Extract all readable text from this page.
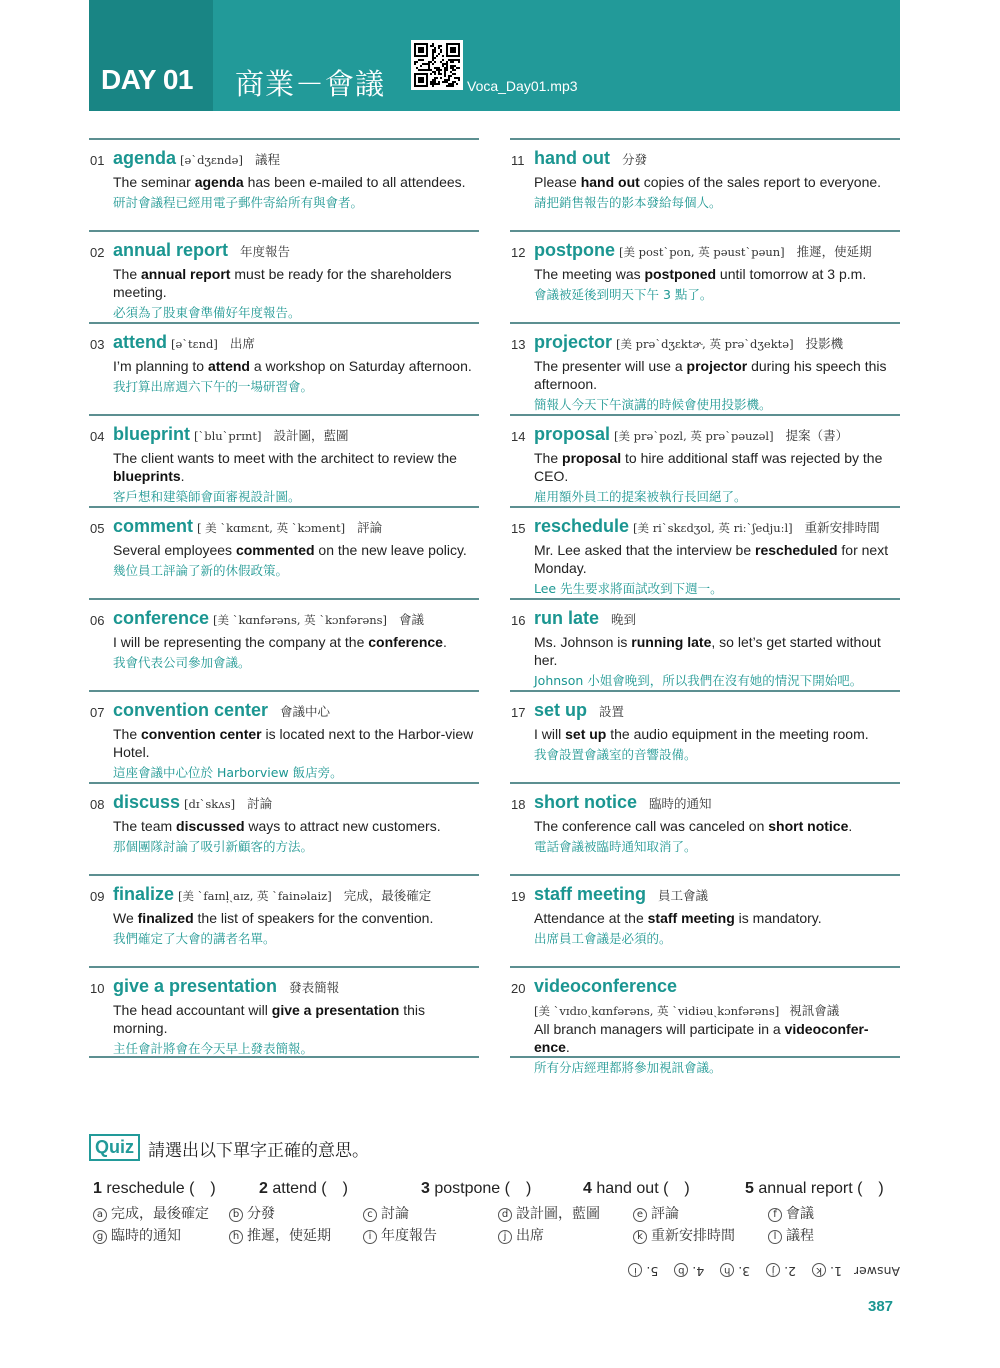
DAY 01 商業－會議	Voca_Day01.mp3
01 agenda [əˋdʒɛndə] 議程
The seminar agenda has been e-mailed to all attendees.
研討會議程已經用電子郵件寄給所有與會者。
02 annual report 年度報告
The annual report must be ready for the shareholders meeting.
必須為了股東會準備好年度報告。
03 attend [əˋtɛnd] 出席
I’m planning to attend a workshop on Saturday afternoon.
我打算出席週六下午的一場研習會。
04 blueprint [ˋbluˋprɪnt] 設計圖，藍圖
The client wants to meet with the architect to review the blueprints.
客戶想和建築師會面審視設計圖。
05 comment [ 美 ˋkɑmɛnt, 英 ˋkɔment] 評論
Several employees commented on the new leave policy.
幾位員工評論了新的休假政策。
06 conference [美 ˋkɑnfərəns, 英 ˋkɔnfərəns] 會議
I will be representing the company at the conference.
我會代表公司參加會議。
07 convention center 會議中心
The convention center is located next to the Harbor-view Hotel.
這座會議中心位於 Harborview 飯店旁。
08 discuss [dɪˋskʌs] 討論
The team discussed ways to attract new customers.
那個團隊討論了吸引新顧客的方法。
09 finalize [美 ˋfaɪnḷˏaɪz, 英 ˋfainəlaiz] 完成，最後確定
We finalized the list of speakers for the convention.
我們確定了大會的講者名單。
10 give a presentation 發表簡報
The head accountant will give a presentation this morning.
主任會計將會在今天早上發表簡報。
11 hand out 分發
Please hand out copies of the sales report to everyone.
請把銷售報告的影本發給每個人。
12 postpone [美 postˋpon, 英 pəustˋpəun] 推遲，使延期
The meeting was postponed until tomorrow at 3 p.m.
會議被延後到明天下午 3 點了。
13 projector [美 prəˋdʒɛktɚ, 英 prəˋdʒektə] 投影機
The presenter will use a projector during his speech this afternoon.
簡報人今天下午演講的時候會使用投影機。
14 proposal [美 prəˋpozl, 英 prəˋpəuzəl] 提案（書）
The proposal to hire additional staff was rejected by the CEO.
雇用額外員工的提案被執行長回絕了。
15 reschedule [美 riˋskɛdʒʊl, 英 riːˋʃedjuːl] 重新安排時間
Mr. Lee asked that the interview be rescheduled for next Monday.
Lee 先生要求將面試改到下週一。
16 run late 晚到
Ms. Johnson is running late, so let’s get started without her.
Johnson 小姐會晚到，所以我們在沒有她的情況下開始吧。
17 set up 設置
I will set up the audio equipment in the meeting room.
我會設置會議室的音響設備。
18 short notice 臨時的通知
The conference call was canceled on short notice.
電話會議被臨時通知取消了。
19 staff meeting 員工會議
Attendance at the staff meeting is mandatory.
出席員工會議是必須的。
20 videoconference
[美 ˋvɪdɪoˏkɑnfərəns, 英 ˋvidiəuˏkɔnfərəns] 視訊會議
All branch managers will participate in a videoconfer-ence.
所有分店經理都將參加視訊會議。
Quiz 請選出以下單字正確的意思。
1 reschedule (　)	2 attend (　)	3 postpone (　)	4 hand out (　)	5 annual report (　)
a 完成，最後確定	b 分發	c 討論	d 設計圖，藍圖	e 評論	f 會議
g 臨時的通知	h 推遲，使延期	i 年度報告	j 出席	k 重新安排時間	l 議程
Answer1. k2. j3. h4. b5. i
387
